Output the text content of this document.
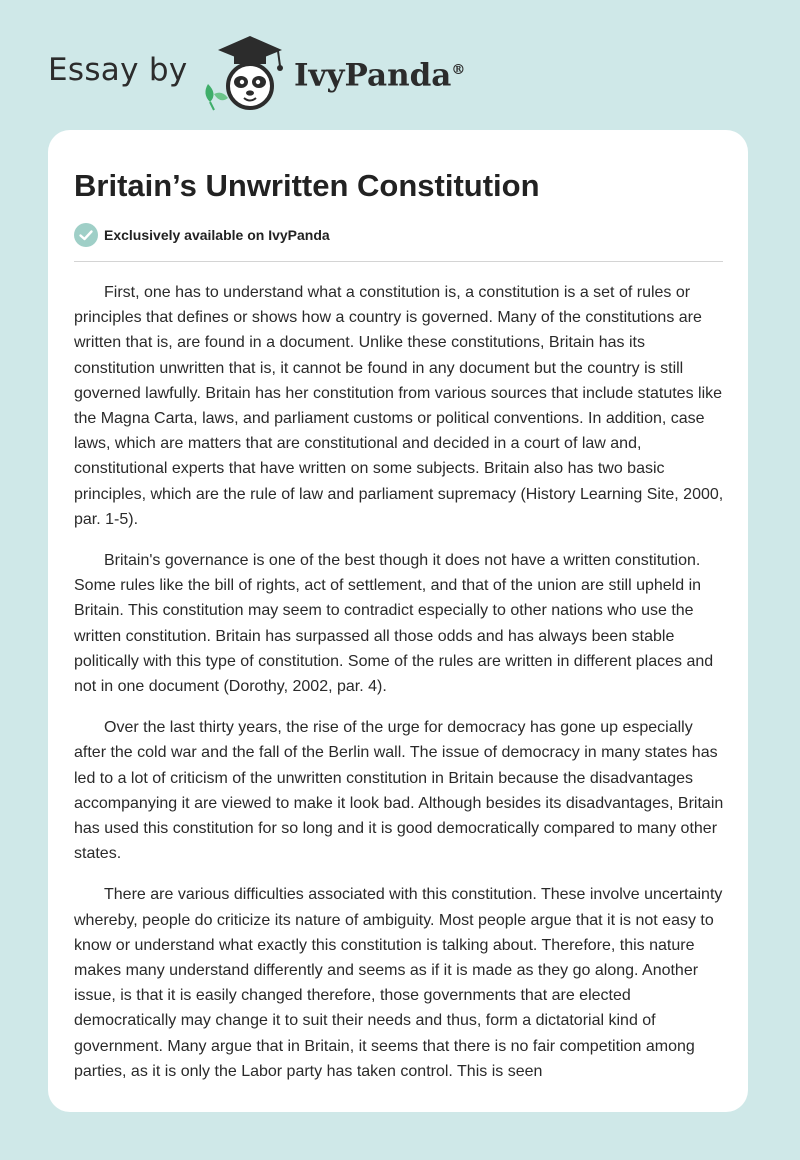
Essay by	IvyPanda®
Britain’s Unwritten Constitution
Exclusively available on IvyPanda

First, one has to understand what a constitution is, a constitution is a set of rules or principles that defines or shows how a country is governed. Many of the constitutions are written that is, are found in a document. Unlike these constitutions, Britain has its constitution unwritten that is, it cannot be found in any document but the country is still governed lawfully. Britain has her constitution from various sources that include statutes like the Magna Carta, laws, and parliament customs or political conventions. In addition, case laws, which are matters that are constitutional and decided in a court of law and, constitutional experts that have written on some subjects. Britain also has two basic principles, which are the rule of law and parliament supremacy (History Learning Site, 2000, par. 1-5).

Britain's governance is one of the best though it does not have a written constitution. Some rules like the bill of rights, act of settlement, and that of the union are still upheld in Britain. This constitution may seem to contradict especially to other nations who use the written constitution. Britain has surpassed all those odds and has always been stable politically with this type of constitution. Some of the rules are written in different places and not in one document (Dorothy, 2002, par. 4).

Over the last thirty years, the rise of the urge for democracy has gone up especially after the cold war and the fall of the Berlin wall. The issue of democracy in many states has led to a lot of criticism of the unwritten constitution in Britain because the disadvantages accompanying it are viewed to make it look bad. Although besides its disadvantages, Britain has used this constitution for so long and it is good democratically compared to many other states.

There are various difficulties associated with this constitution. These involve uncertainty whereby, people do criticize its nature of ambiguity. Most people argue that it is not easy to know or understand what exactly this constitution is talking about. Therefore, this nature makes many understand differently and seems as if it is made as they go along. Another issue, is that it is easily changed therefore, those governments that are elected democratically may change it to suit their needs and thus, form a dictatorial kind of government. Many argue that in Britain, it seems that there is no fair competition among parties, as it is only the Labor party has taken control. This is seen
